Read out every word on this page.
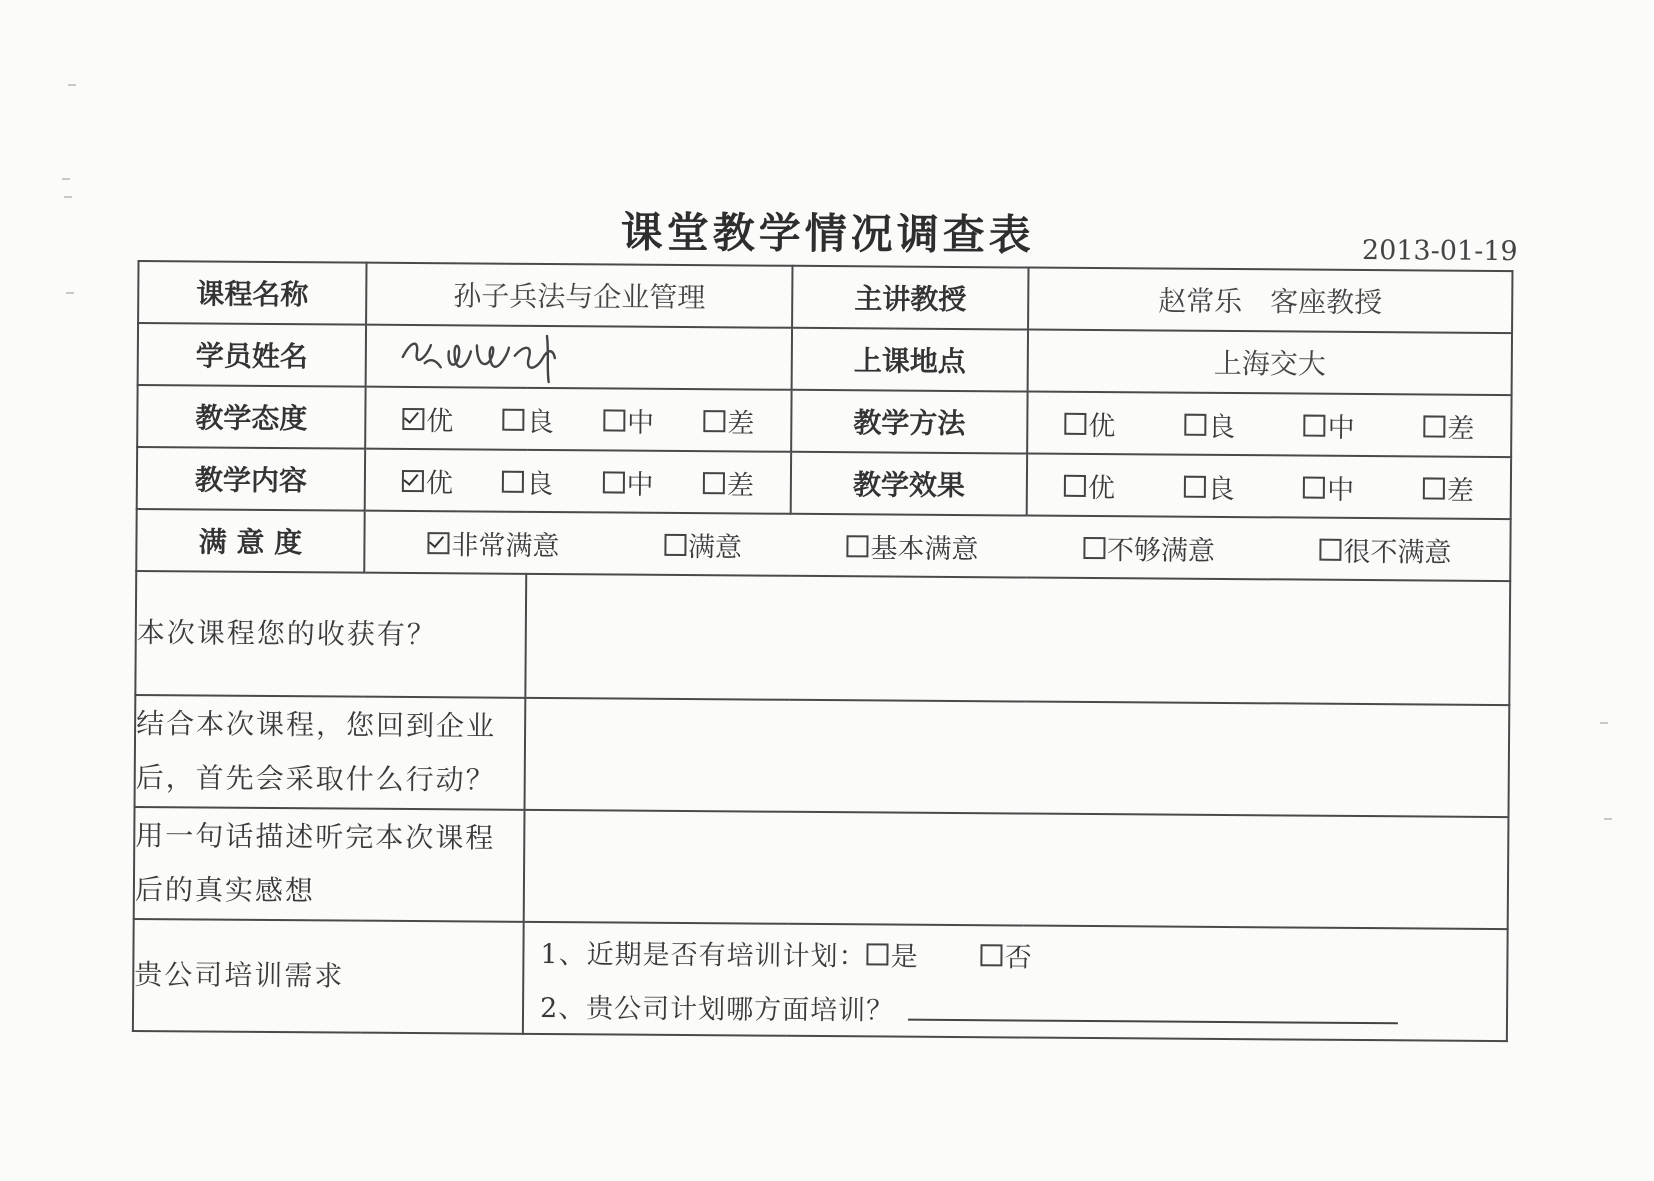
课堂教学情况调查表	2013-01-19
课程名称	孙子兵法与企业管理		主讲教授	赵常乐　客座教授
学员姓名			上课地点	上海交大
教学态度	优 良 中 差		教学方法	优 良 中 差

教学内容	优 良 中 差		教学效果	优 良 中 差

满 意 度	非常满意 满意 基本满意 不够满意 很不满意			

本次课程您的收获有？				
结合本次课程，您回到企业后，首先会采取什么行动？				
用一句话描述听完本次课程后的真实感想				
贵公司培训需求		1、近期是否有培训计划： 是 否
2、贵公司计划哪方面培训？		
